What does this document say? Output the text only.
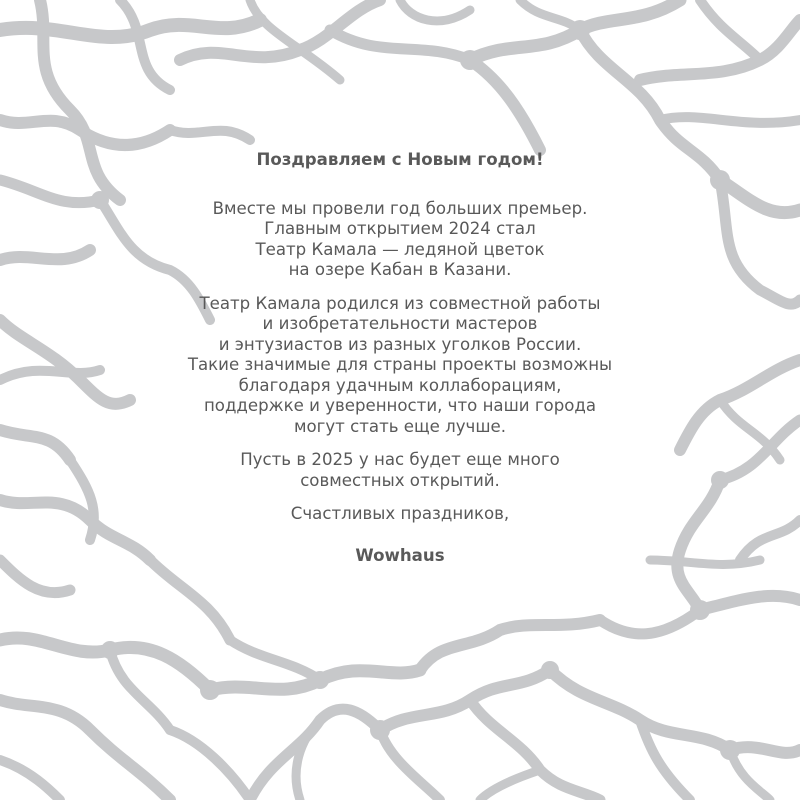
Поздравляем с Новым годом!

Вместе мы провели год больших премьер.
Главным открытием 2024 стал
Театр Камала — ледяной цветок
на озере Кабан в Казани.

Театр Камала родился из совместной работы
и изобретательности мастеров
и энтузиастов из разных уголков России.
Такие значимые для страны проекты возможны
благодаря удачным коллаборациям,
поддержке и уверенности, что наши города
могут стать еще лучше.

Пусть в 2025 у нас будет еще много
совместных открытий.

Счастливых праздников,

Wowhaus
